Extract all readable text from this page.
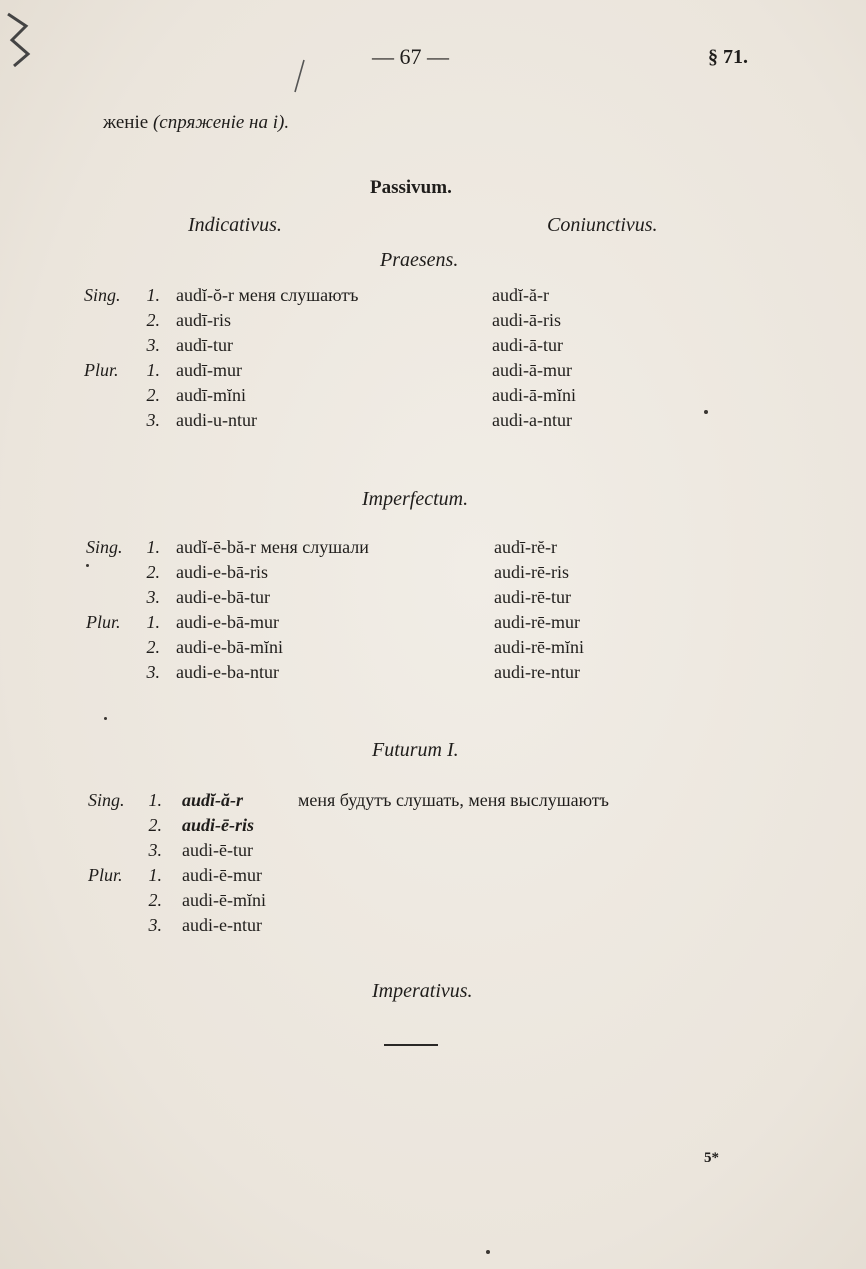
— 67 —	§ 71.
женіе (спряженіе на i).
Passivum.
Indicativus.	Coniunctivus.
Praesens.
Sing.	1. audĭ-ŏ-r меня слушаютъ	audĭ-ă-r
2. audī-ris	audi-ā-ris
3. audī-tur	audi-ā-tur
Plur.	1. audī-mur	audi-ā-mur
2. audī-mĭni	audi-ā-mĭni
3. audi-u-ntur	audi-a-ntur
Imperfectum.
Sing.	1. audĭ-ē-bă-r меня слушали	audī-rĕ-r
2. audi-e-bā-ris	audi-rē-ris
3. audi-e-bā-tur	audi-rē-tur
Plur.	1. audi-e-bā-mur	audi-rē-mur
2. audi-e-bā-mĭni	audi-rē-mĭni
3. audi-e-ba-ntur	audi-re-ntur
Futurum I.
Sing.	1. audĭ-ă-r	меня будутъ слушать, меня выслушаютъ
2. audi-ē-ris
3. audi-ē-tur
Plur.	1. audi-ē-mur
2. audi-ē-mĭni
3. audi-e-ntur
Imperativus.
5*
